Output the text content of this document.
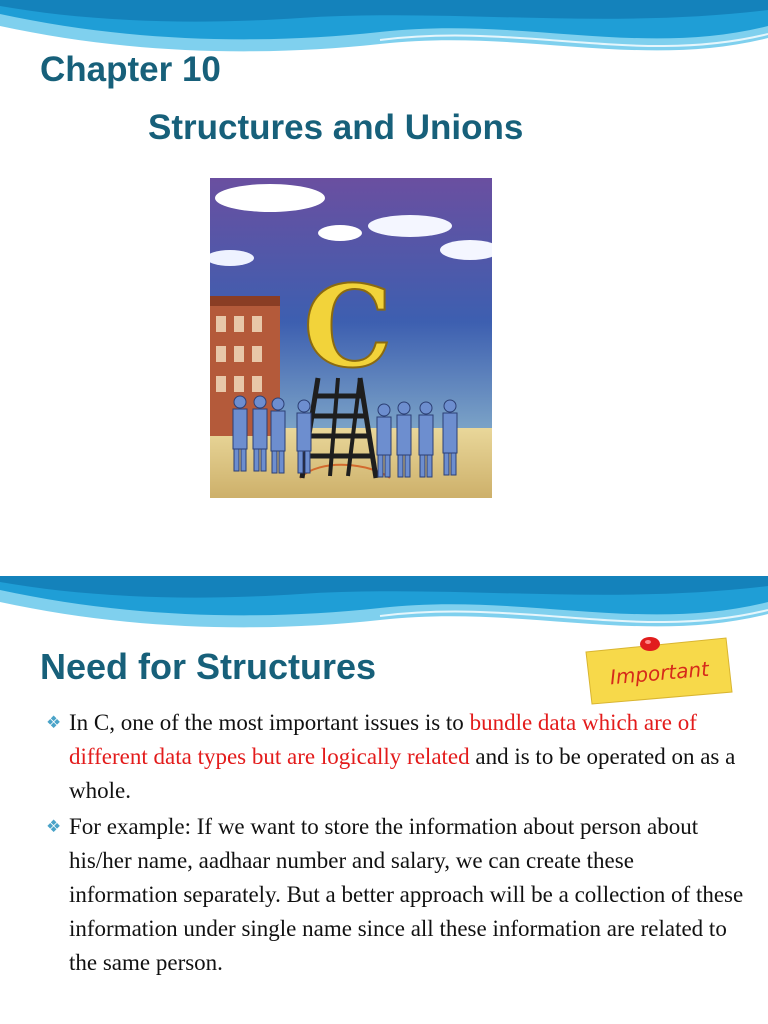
Chapter 10
Structures and Unions
C
Need for Structures	Important
❖ In C, one of the most important issues is to bundle data which are of different data types but are logically related and is to be operated on as a whole.
❖ For example: If we want to store the information about person about his/her name, aadhaar number and salary, we can create these information separately. But a better approach will be a collection of these information under single name since all these information are related to the same person.
